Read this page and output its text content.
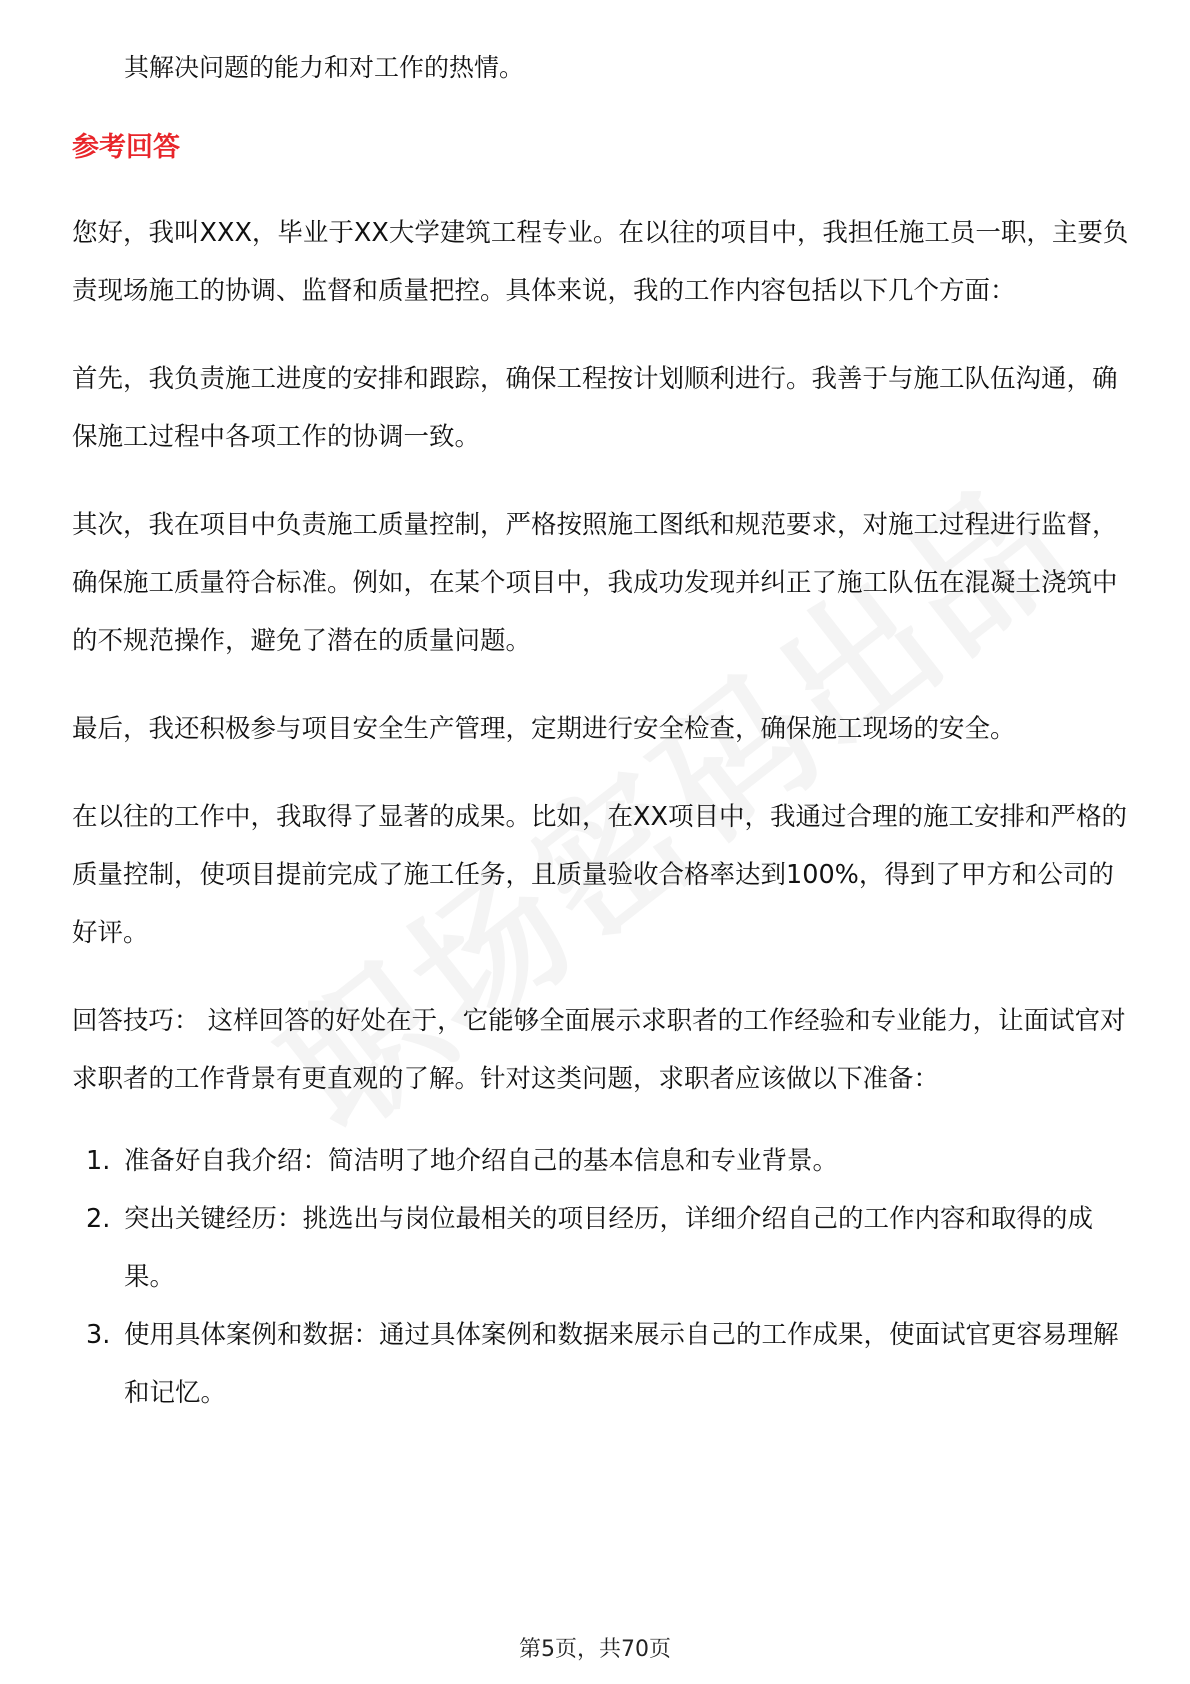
其解决问题的能力和对工作的热情。

参考回答

您好，我叫XXX，毕业于XX大学建筑工程专业。在以往的项目中，我担任施工员一职，主要负责现场施工的协调、监督和质量把控。具体来说，我的工作内容包括以下几个方面：

首先，我负责施工进度的安排和跟踪，确保工程按计划顺利进行。我善于与施工队伍沟通，确保施工过程中各项工作的协调一致。

其次，我在项目中负责施工质量控制，严格按照施工图纸和规范要求，对施工过程进行监督，确保施工质量符合标准。例如，在某个项目中，我成功发现并纠正了施工队伍在混凝土浇筑中的不规范操作，避免了潜在的质量问题。

最后，我还积极参与项目安全生产管理，定期进行安全检查，确保施工现场的安全。

在以往的工作中，我取得了显著的成果。比如，在XX项目中，我通过合理的施工安排和严格的质量控制，使项目提前完成了施工任务，且质量验收合格率达到100%，得到了甲方和公司的好评。

回答技巧： 这样回答的好处在于，它能够全面展示求职者的工作经验和专业能力，让面试官对求职者的工作背景有更直观的了解。针对这类问题，求职者应该做以下准备：

1. 准备好自我介绍：简洁明了地介绍自己的基本信息和专业背景。
2. 突出关键经历：挑选出与岗位最相关的项目经历，详细介绍自己的工作内容和取得的成果。
3. 使用具体案例和数据：通过具体案例和数据来展示自己的工作成果，使面试官更容易理解和记忆。
第5页，共70页
